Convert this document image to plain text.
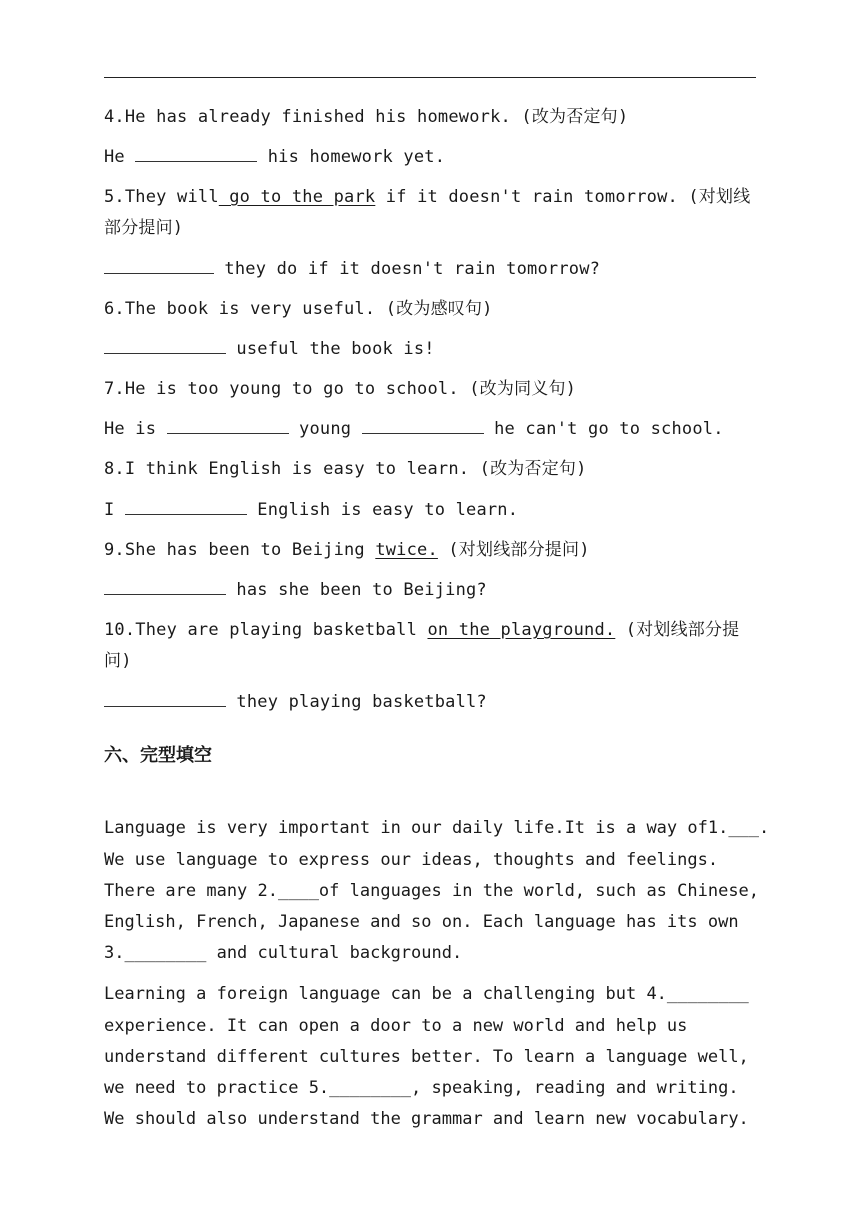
4.He has already finished his homework. (改为否定句)
He	his homework yet.
5.They will go to the park if it doesn't rain tomorrow. (对划线
部分提问)
they do if it doesn't rain tomorrow?
6.The book is very useful. (改为感叹句)
useful the book is!
7.He is too young to go to school. (改为同义句)
He is	young	he can't go to school.
8.I think English is easy to learn. (改为否定句)
I	English is easy to learn.
9.She has been to Beijing twice. (对划线部分提问)
has she been to Beijing?
10.They are playing basketball on the playground. (对划线部分提
问)
they playing basketball?
六、完型填空

Language is very important in our daily life.It is a way of1.___.
We use language to express our ideas, thoughts and feelings.
There are many 2.____of languages in the world, such as Chinese,
English, French, Japanese and so on. Each language has its own
3.________ and cultural background.

Learning a foreign language can be a challenging but 4.________
experience. It can open a door to a new world and help us
understand different cultures better. To learn a language well,
we need to practice 5.________, speaking, reading and writing.
We should also understand the grammar and learn new vocabulary.
